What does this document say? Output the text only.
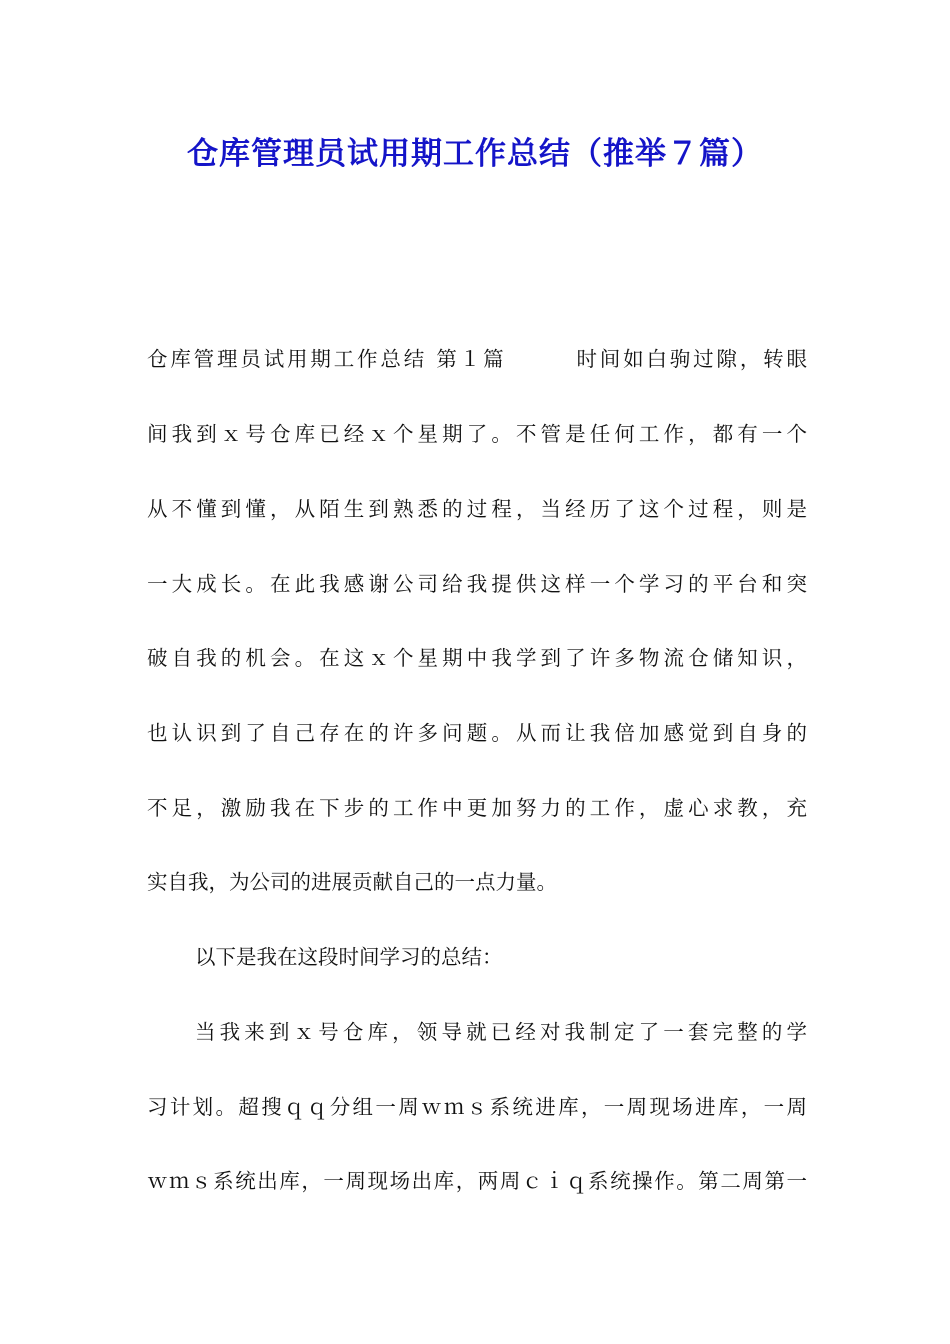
仓库管理员试用期工作总结（推举７篇）
仓库管理员试用期工作总结 第１篇　　　时间如白驹过隙，转眼
间我到ｘ号仓库已经ｘ个星期了。不管是任何工作，都有一个
从不懂到懂，从陌生到熟悉的过程，当经历了这个过程，则是
一大成长。在此我感谢公司给我提供这样一个学习的平台和突
破自我的机会。在这ｘ个星期中我学到了许多物流仓储知识，
也认识到了自己存在的许多问题。从而让我倍加感觉到自身的
不足，激励我在下步的工作中更加努力的工作，虚心求教，充
实自我，为公司的进展贡献自己的一点力量。
以下是我在这段时间学习的总结：
当我来到ｘ号仓库，领导就已经对我制定了一套完整的学
习计划。超搜ｑｑ分组一周ｗｍｓ系统进库，一周现场进库，一周
ｗｍｓ系统出库，一周现场出库，两周ｃｉｑ系统操作。第二周第一
